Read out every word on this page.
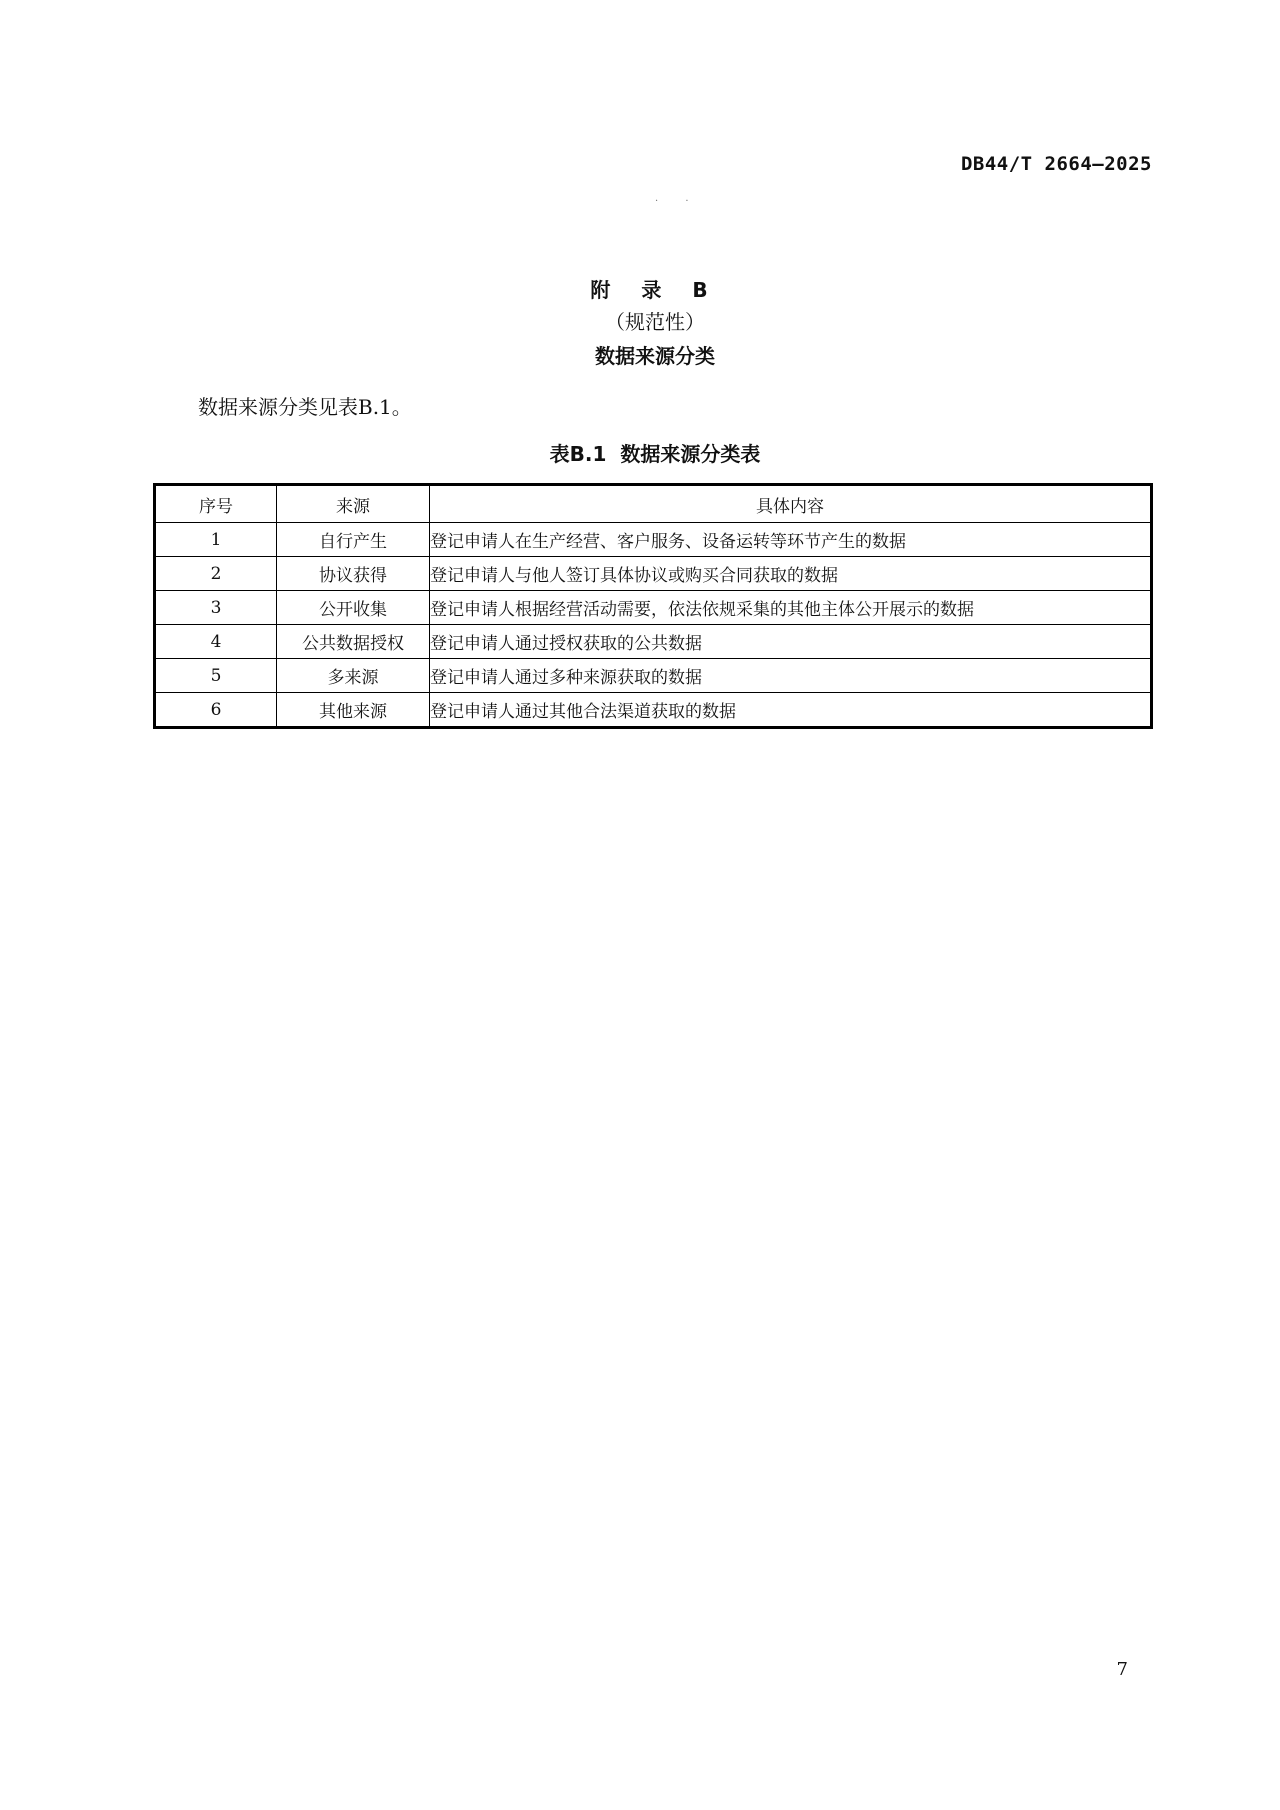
DB44/T 2664—2025
· ·
附 录 B
（规范性）
数据来源分类
数据来源分类见表B.1。
表B.1  数据来源分类表
序号	来源	具体内容
1	自行产生	登记申请人在生产经营、客户服务、设备运转等环节产生的数据
2	协议获得	登记申请人与他人签订具体协议或购买合同获取的数据
3	公开收集	登记申请人根据经营活动需要，依法依规采集的其他主体公开展示的数据
4	公共数据授权	登记申请人通过授权获取的公共数据
5	多来源	登记申请人通过多种来源获取的数据
6	其他来源	登记申请人通过其他合法渠道获取的数据
7
